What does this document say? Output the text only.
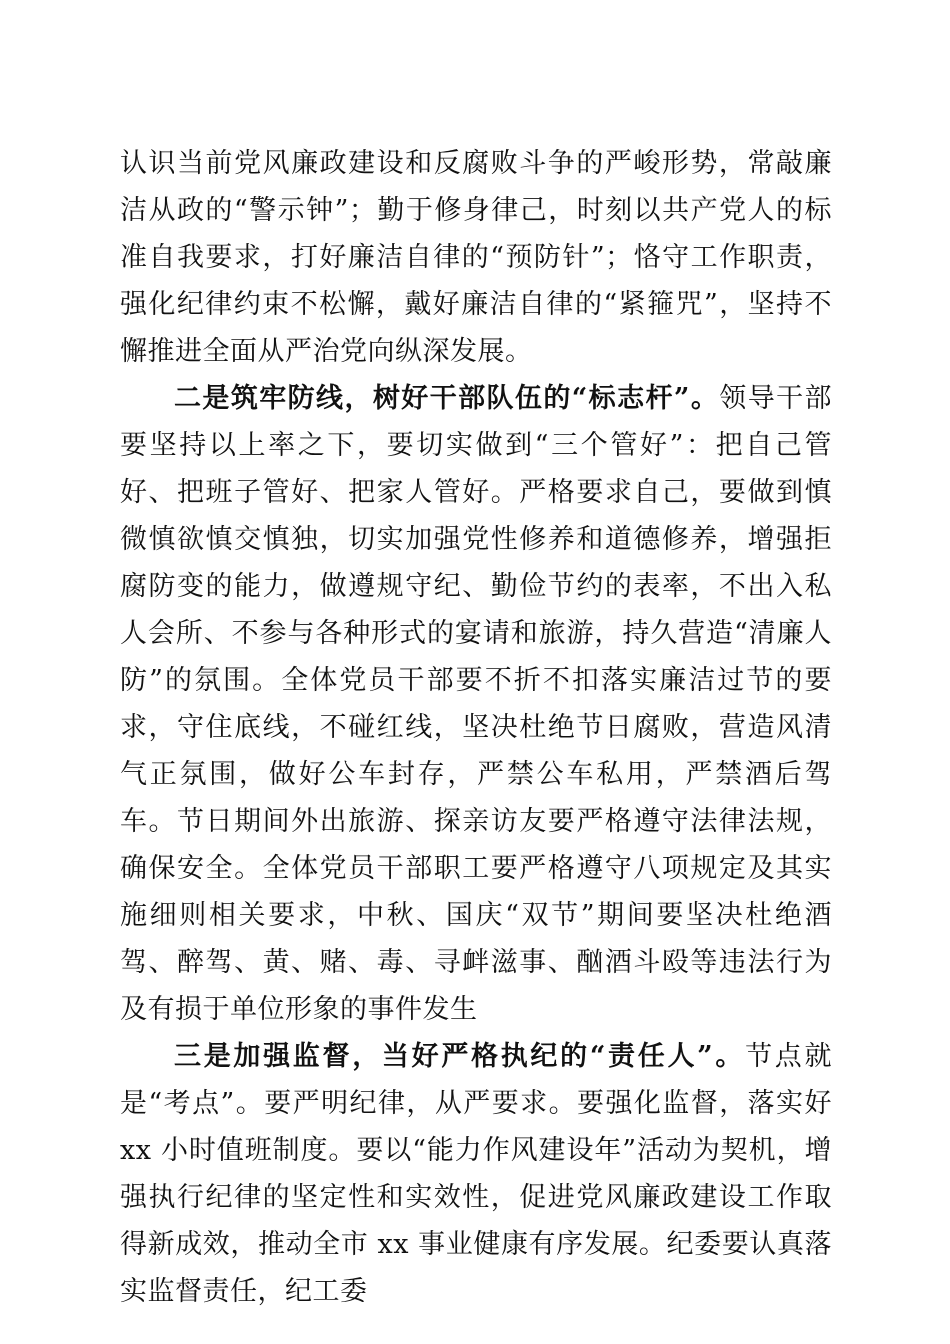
认识当前党风廉政建设和反腐败斗争的严峻形势，常敲廉洁从政的“警示钟”；勤于修身律己，时刻以共产党人的标准自我要求，打好廉洁自律的“预防针”；恪守工作职责，强化纪律约束不松懈，戴好廉洁自律的“紧箍咒”，坚持不懈推进全面从严治党向纵深发展。

二是筑牢防线，树好干部队伍的“标志杆”。领导干部要坚持以上率之下，要切实做到“三个管好”：把自己管好、把班子管好、把家人管好。严格要求自己，要做到慎微慎欲慎交慎独，切实加强党性修养和道德修养，增强拒腐防变的能力，做遵规守纪、勤俭节约的表率，不出入私人会所、不参与各种形式的宴请和旅游，持久营造“清廉人防”的氛围。全体党员干部要不折不扣落实廉洁过节的要求，守住底线，不碰红线，坚决杜绝节日腐败，营造风清气正氛围，做好公车封存，严禁公车私用，严禁酒后驾车。节日期间外出旅游、探亲访友要严格遵守法律法规，确保安全。全体党员干部职工要严格遵守八项规定及其实施细则相关要求，中秋、国庆“双节”期间要坚决杜绝酒驾、醉驾、黄、赌、毒、寻衅滋事、酗酒斗殴等违法行为及有损于单位形象的事件发生

三是加强监督，当好严格执纪的“责任人”。节点就是“考点”。要严明纪律，从严要求。要强化监督，落实好 xx 小时值班制度。要以“能力作风建设年”活动为契机，增强执行纪律的坚定性和实效性，促进党风廉政建设工作取得新成效，推动全市 xx 事业健康有序发展。纪委要认真落实监督责任，纪工委
